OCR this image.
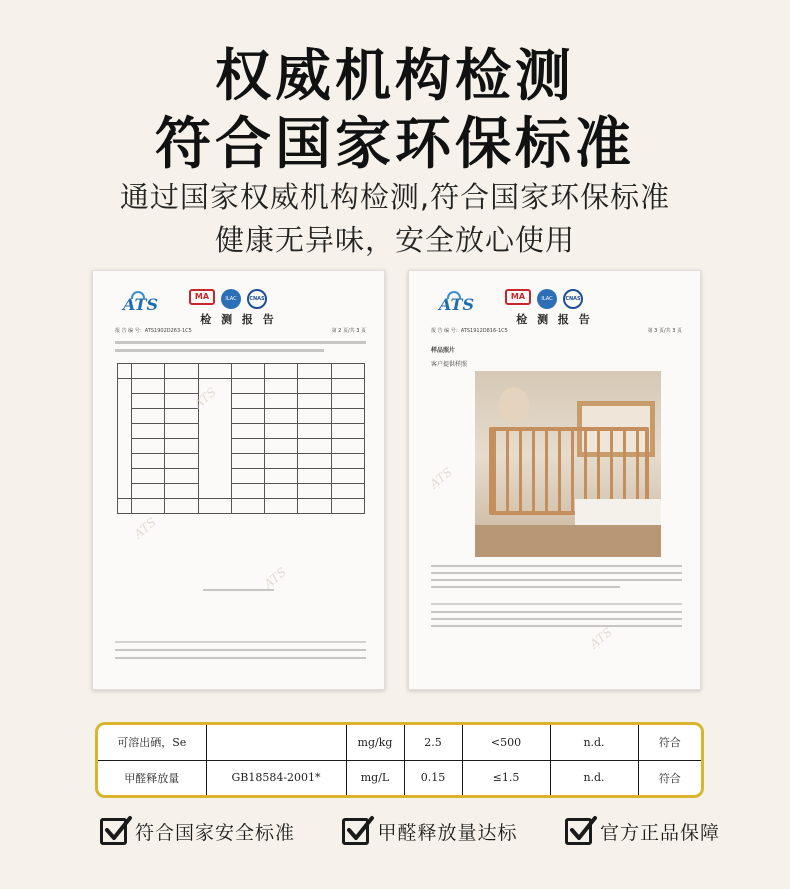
权威机构检测
符合国家环保标准
通过国家权威机构检测,符合国家环保标准
健康无异味，安全放心使用
ATS	MA	ILAC	CNAS
检 测 报 告
报 告 编 号：ATS1902D263-1C5	第 2 页/共 3 页

ATS
ATS
ATS
ATS	MA	ILAC	CNAS
检 测 报 告
报 告 编 号：ATS1912D816-1C5	第 3 页/共 3 页
样品照片
客户提供样照
ATS
ATS
可溶出硒，Se		mg/kg	2.5	<500	n.d.	符合
甲醛释放量	GB18584-2001*	mg/L	0.15	≤1.5	n.d.	符合
符合国家安全标准	甲醛释放量达标	官方正品保障
